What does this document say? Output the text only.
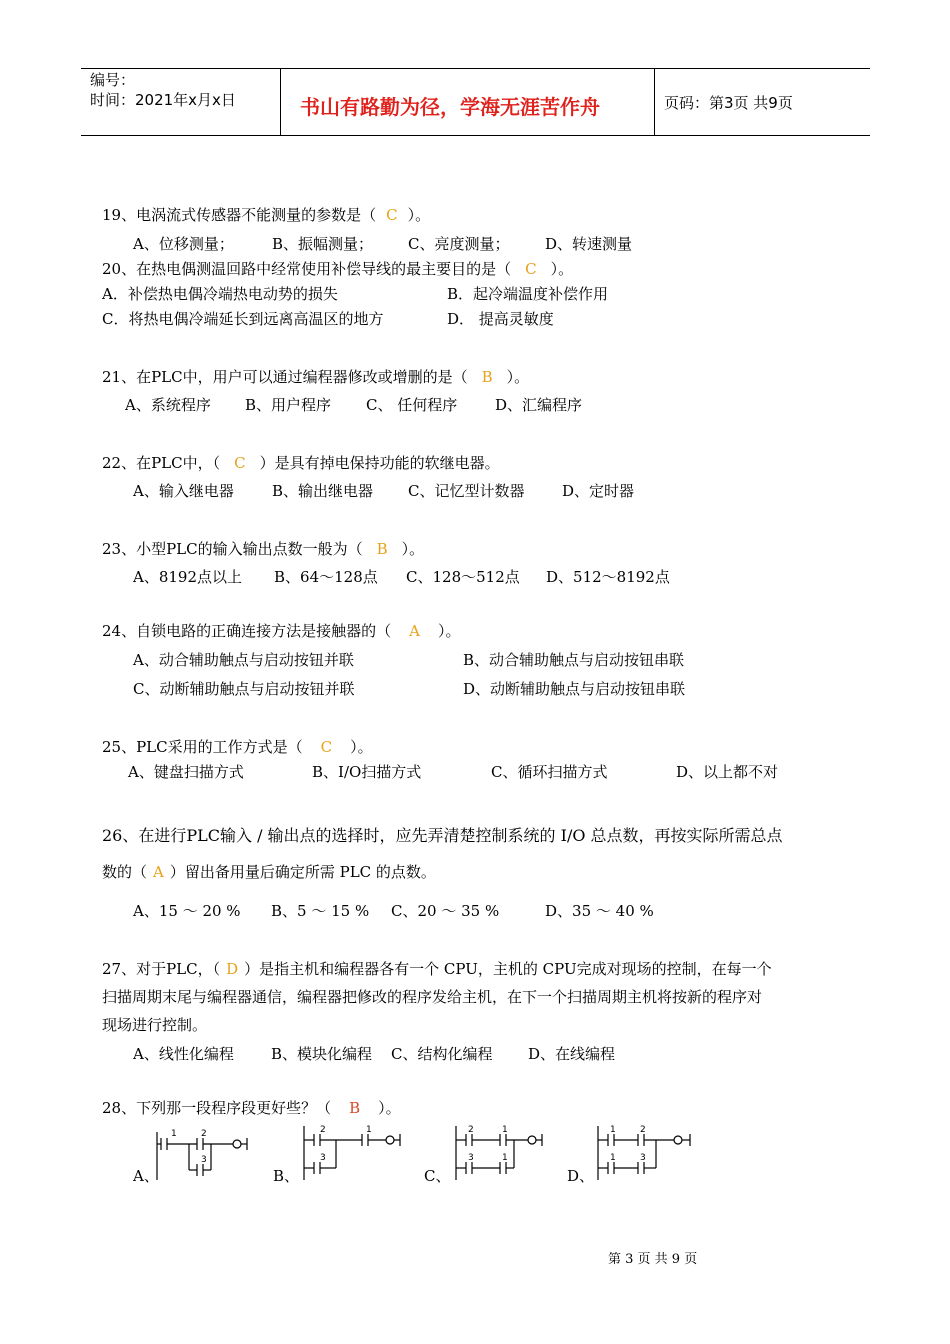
编号：
时间：2021年x月x日	书山有路勤为径，学海无涯苦作舟	页码：第3页 共9页
19、电涡流式传感器不能测量的参数是（ C ）。
A、位移测量；	B、振幅测量； C、亮度测量； D、转速测量
20、在热电偶测温回路中经常使用补偿导线的最主要目的是（ C ）。
A．补偿热电偶冷端热电动势的损失	B．起冷端温度补偿作用
C．将热电偶冷端延长到远离高温区的地方	D． 提高灵敏度
21、在PLC中，用户可以通过编程器修改或增删的是（ B ）。
A、系统程序 B、用户程序 C、 任何程序	D、汇编程序
22、在PLC中，（ C ）是具有掉电保持功能的软继电器。
A、输入继电器	B、输出继电器 C、记忆型计数器	D、定时器
23、小型PLC的输入输出点数一般为（ B ）。
A、8192点以上 B、64～128点 C、128～512点 D、512～8192点
24、自锁电路的正确连接方法是接触器的（ A ）。
A、动合辅助触点与启动按钮并联	B、动合辅助触点与启动按钮串联
C、动断辅助触点与启动按钮并联	D、动断辅助触点与启动按钮串联
25、PLC采用的工作方式是（ C ）。
A、键盘扫描方式	B、I/O扫描方式	C、循环扫描方式	D、以上都不对
26、在进行PLC输入 / 输出点的选择时，应先弄清楚控制系统的 I/O 总点数，再按实际所需总点
数的（ A ）留出备用量后确定所需 PLC 的点数。
A、15 ～ 20 % B、5 ～ 15 % C、20 ～ 35 %	D、35 ～ 40 %
27、对于PLC，（ D ）是指主机和编程器各有一个 CPU，主机的 CPU完成对现场的控制，在每一个
扫描周期末尾与编程器通信，编程器把修改的程序发给主机，在下一个扫描周期主机将按新的程序对
现场进行控制。
A、线性化编程 B、模块化编程 C、结构化编程 D、在线编程
28、下列那一段程序段更好些？（ B ）。
A、	B、	C、	D、
1	2
3
2	1
3
2	1
3	1
1	2
1	3
第 3 页 共 9 页
